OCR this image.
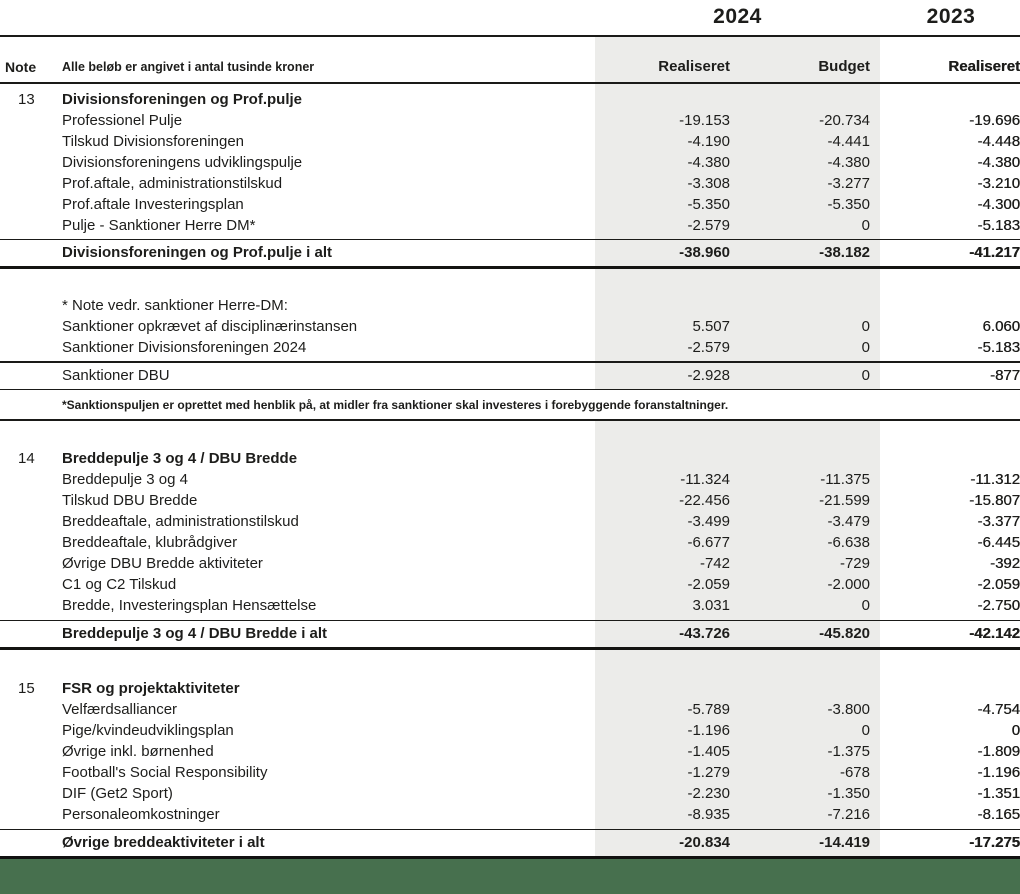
2024	2023
Note Alle beløb er angivet i antal tusinde kroner	Realiseret	Budget	Realiseret
13	Divisionsforeningen og Prof.pulje
Professionel Pulje	-19.153	-20.734	-19.696
Tilskud Divisionsforeningen	-4.190	-4.441	-4.448
Divisionsforeningens udviklingspulje	-4.380	-4.380	-4.380
Prof.aftale, administrationstilskud	-3.308	-3.277	-3.210
Prof.aftale Investeringsplan	-5.350	-5.350	-4.300
Pulje - Sanktioner Herre DM*	-2.579	0	-5.183
Divisionsforeningen og Prof.pulje i alt	-38.960	-38.182	-41.217
* Note vedr. sanktioner Herre-DM:
Sanktioner opkrævet af disciplinærinstansen	5.507	0	6.060
Sanktioner Divisionsforeningen 2024	-2.579	0	-5.183
Sanktioner DBU	-2.928	0	-877
*Sanktionspuljen er oprettet med henblik på, at midler fra sanktioner skal investeres i forebyggende foranstaltninger.
14	Breddepulje 3 og 4 / DBU Bredde
Breddepulje 3 og 4	-11.324	-11.375	-11.312
Tilskud DBU Bredde	-22.456	-21.599	-15.807
Breddeaftale, administrationstilskud	-3.499	-3.479	-3.377
Breddeaftale, klubrådgiver	-6.677	-6.638	-6.445
Øvrige DBU Bredde aktiviteter	-742	-729	-392
C1 og C2 Tilskud	-2.059	-2.000	-2.059
Bredde, Investeringsplan Hensættelse	3.031	0	-2.750
Breddepulje 3 og 4 / DBU Bredde i alt	-43.726	-45.820	-42.142
15	FSR og projektaktiviteter
Velfærdsalliancer	-5.789	-3.800	-4.754
Pige/kvindeudviklingsplan	-1.196	0	0
Øvrige inkl. børnenhed	-1.405	-1.375	-1.809
Football's Social Responsibility	-1.279	-678	-1.196
DIF (Get2 Sport)	-2.230	-1.350	-1.351
Personaleomkostninger	-8.935	-7.216	-8.165
Øvrige breddeaktiviteter i alt	-20.834	-14.419	-17.275
